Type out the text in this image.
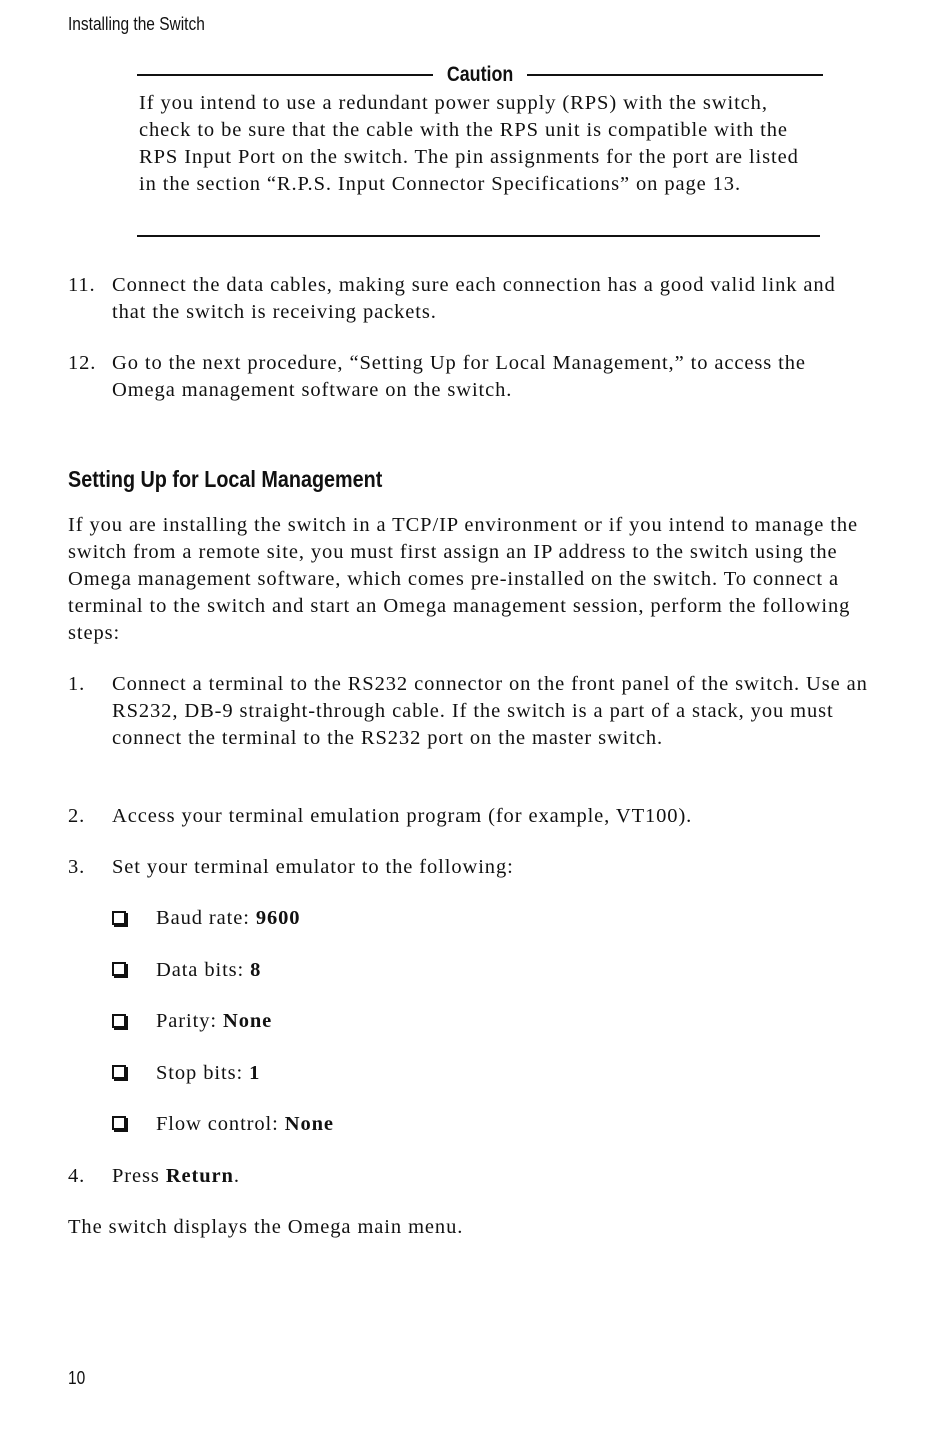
Installing the Switch
Caution

If you intend to use a redundant power supply (RPS) with the switch, check to be sure that the cable with the RPS unit is compatible with the RPS Input Port on the switch. The pin assignments for the port are listed in the section “R.P.S. Input Connector Specifications” on page 13.

11. Connect the data cables, making sure each connection has a good valid link and that the switch is receiving packets.

12. Go to the next procedure, “Setting Up for Local Management,” to access the Omega management software on the switch.

Setting Up for Local Management

If you are installing the switch in a TCP/IP environment or if you intend to manage the switch from a remote site, you must first assign an IP address to the switch using the Omega management software, which comes pre-installed on the switch. To connect a terminal to the switch and start an Omega management session, perform the following steps:

1. Connect a terminal to the RS232 connector on the front panel of the switch. Use an RS232, DB-9 straight-through cable. If the switch is a part of a stack, you must connect the terminal to the RS232 port on the master switch.

2. Access your terminal emulation program (for example, VT100).

3. Set your terminal emulator to the following:

Baud rate: 9600
Data bits: 8
Parity: None
Stop bits: 1
Flow control: None
4. Press Return.

The switch displays the Omega main menu.

10
